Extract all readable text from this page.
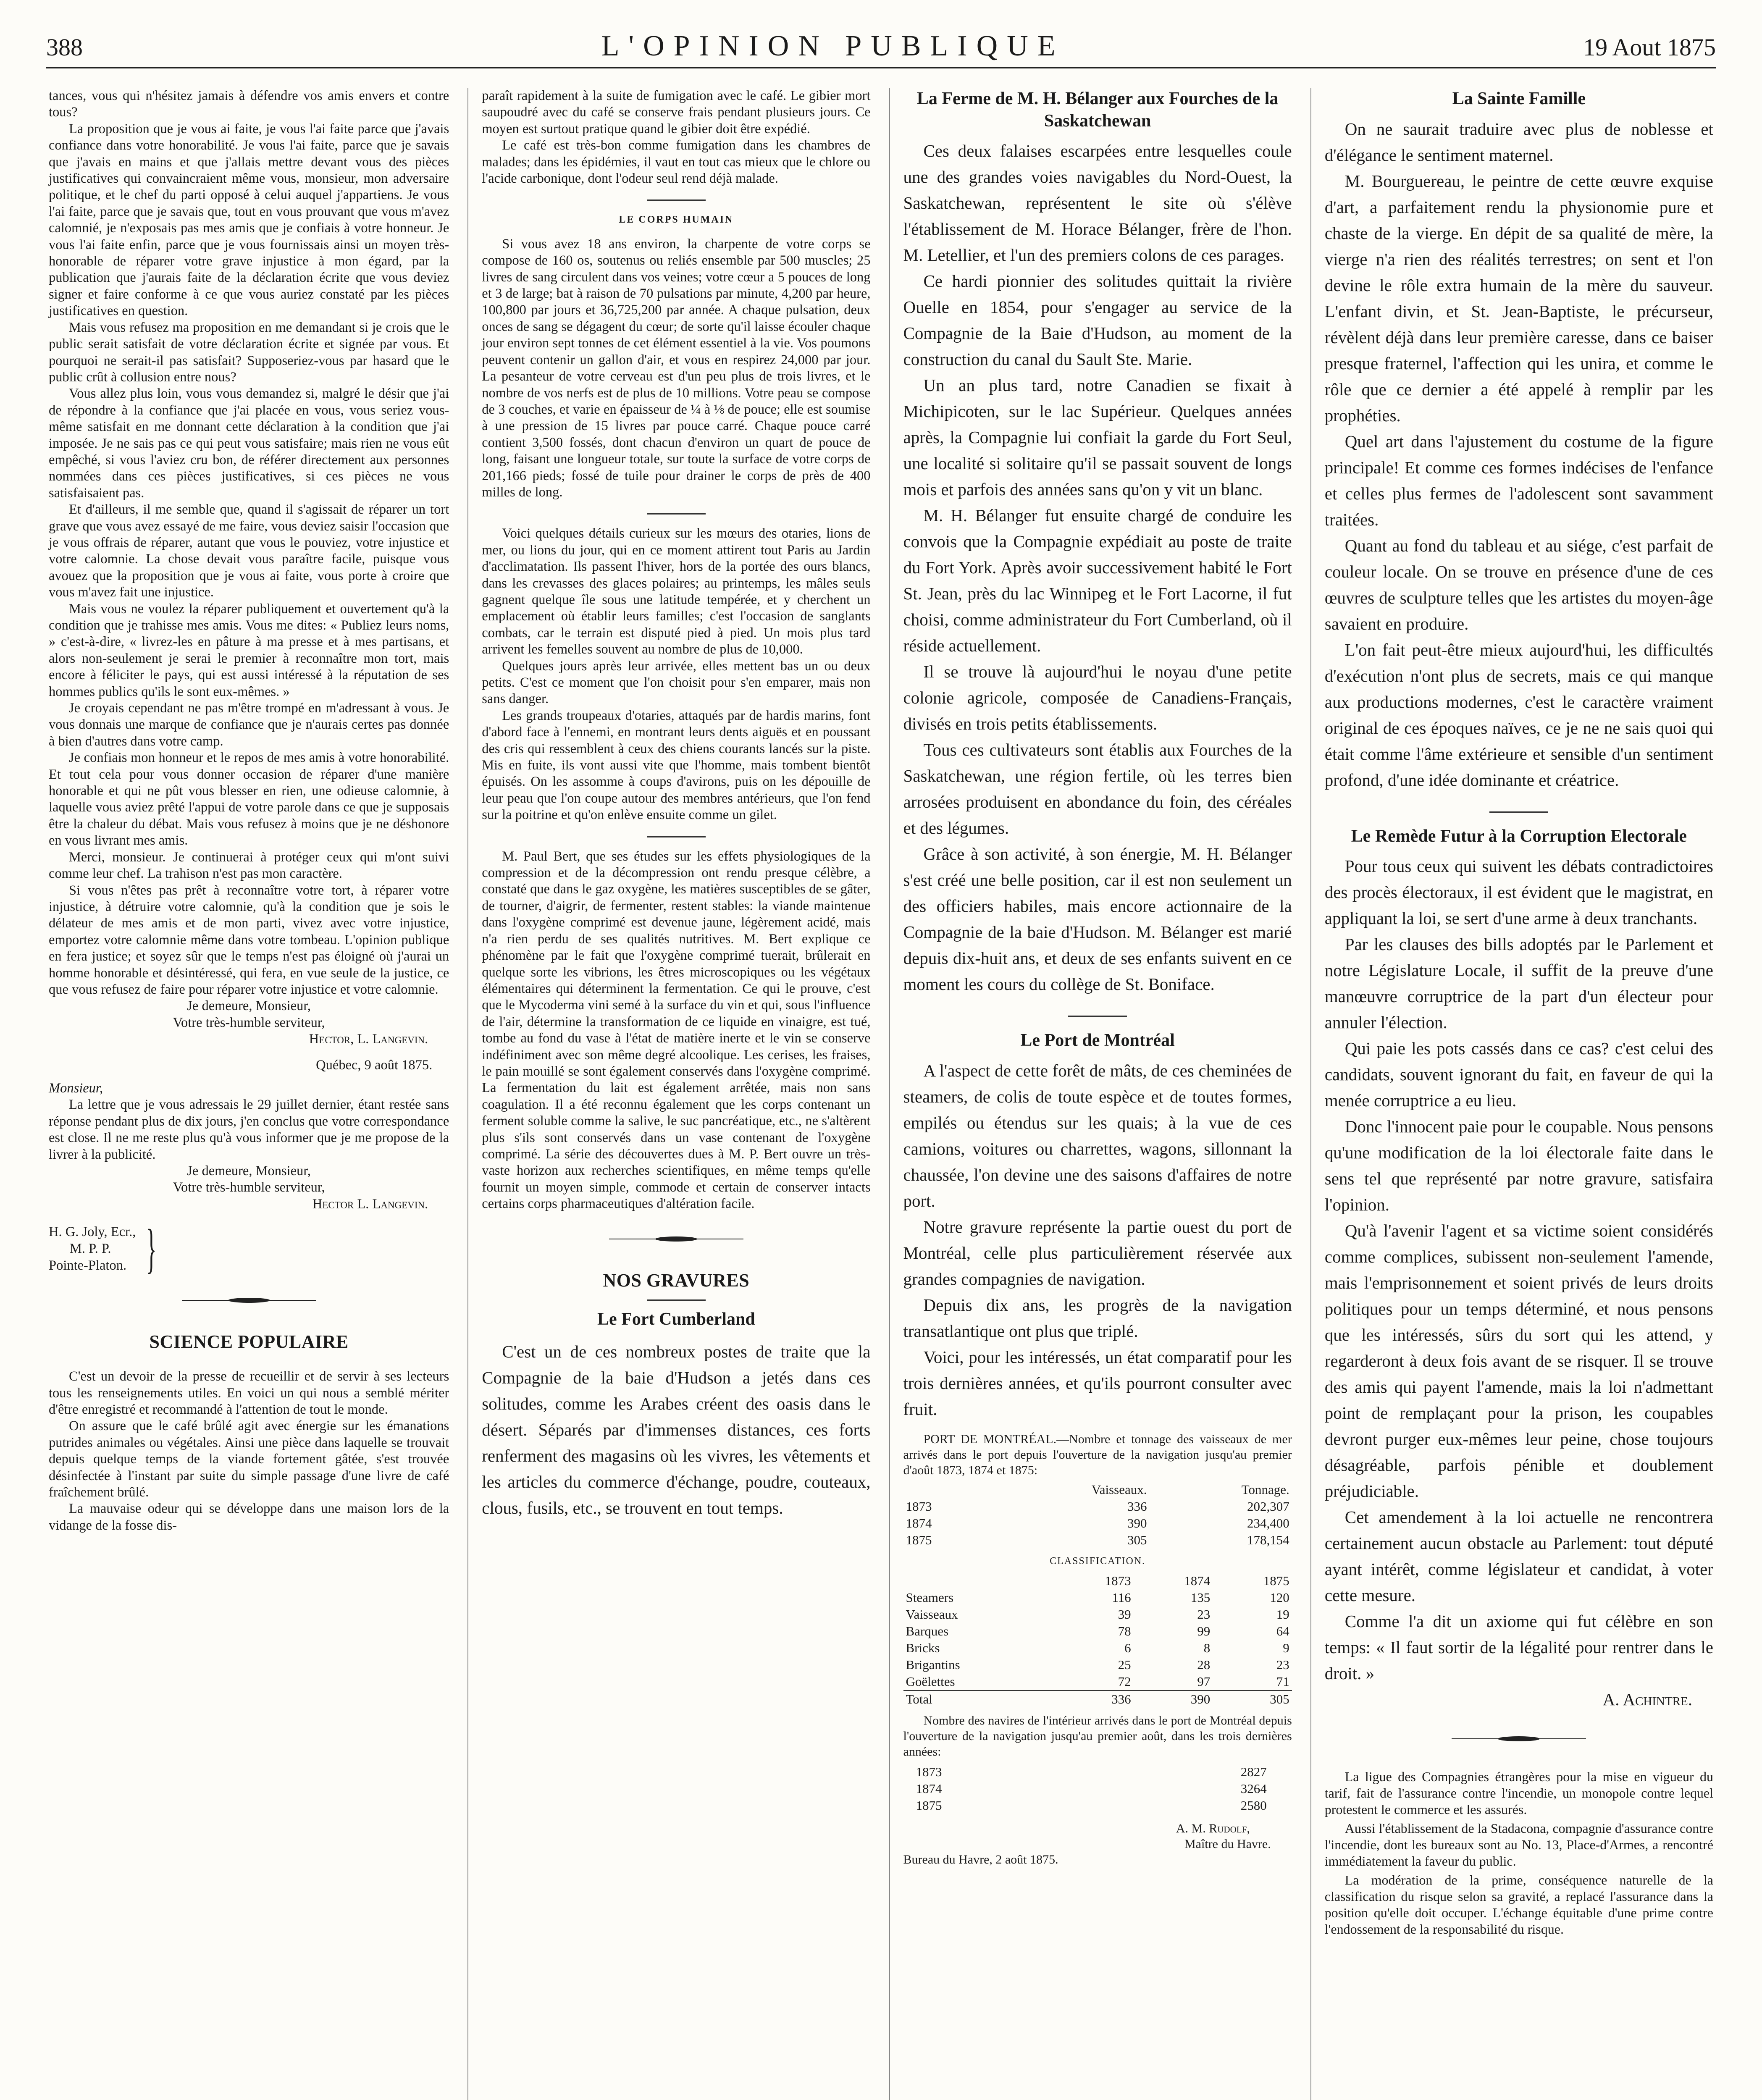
388	L'OPINION PUBLIQUE	19 Aout 1875

tances, vous qui n'hésitez jamais à défendre vos amis envers et contre tous?

La proposition que je vous ai faite, je vous l'ai faite parce que j'avais confiance dans votre honorabilité. Je vous l'ai faite, parce que je savais que j'avais en mains et que j'allais mettre devant vous des pièces justificatives qui convaincraient même vous, monsieur, mon adversaire politique, et le chef du parti opposé à celui auquel j'appartiens. Je vous l'ai faite, parce que je savais que, tout en vous prouvant que vous m'avez calomnié, je n'exposais pas mes amis que je confiais à votre honneur. Je vous l'ai faite enfin, parce que je vous fournissais ainsi un moyen très-honorable de réparer votre grave injustice à mon égard, par la publication que j'aurais faite de la déclaration écrite que vous deviez signer et faire conforme à ce que vous auriez constaté par les pièces justificatives en question.

Mais vous refusez ma proposition en me demandant si je crois que le public serait satisfait de votre déclaration écrite et signée par vous. Et pourquoi ne serait-il pas satisfait? Supposeriez-vous par hasard que le public crût à collusion entre nous?

Vous allez plus loin, vous vous demandez si, malgré le désir que j'ai de répondre à la confiance que j'ai placée en vous, vous seriez vous-même satisfait en me donnant cette déclaration à la condition que j'ai imposée. Je ne sais pas ce qui peut vous satisfaire; mais rien ne vous eût empêché, si vous l'aviez cru bon, de référer directement aux personnes nommées dans ces pièces justificatives, si ces pièces ne vous satisfaisaient pas.

Et d'ailleurs, il me semble que, quand il s'agissait de réparer un tort grave que vous avez essayé de me faire, vous deviez saisir l'occasion que je vous offrais de réparer, autant que vous le pouviez, votre injustice et votre calomnie. La chose devait vous paraître facile, puisque vous avouez que la proposition que je vous ai faite, vous porte à croire que vous m'avez fait une injustice.

Mais vous ne voulez la réparer publiquement et ouvertement qu'à la condition que je trahisse mes amis. Vous me dites: « Publiez leurs noms, » c'est-à-dire, « livrez-les en pâture à ma presse et à mes partisans, et alors non-seulement je serai le premier à reconnaître mon tort, mais encore à féliciter le pays, qui est aussi intéressé à la réputation de ses hommes publics qu'ils le sont eux-mêmes. »

Je croyais cependant ne pas m'être trompé en m'adressant à vous. Je vous donnais une marque de confiance que je n'aurais certes pas donnée à bien d'autres dans votre camp.

Je confiais mon honneur et le repos de mes amis à votre honorabilité. Et tout cela pour vous donner occasion de réparer d'une manière honorable et qui ne pût vous blesser en rien, une odieuse calomnie, à laquelle vous aviez prêté l'appui de votre parole dans ce que je supposais être la chaleur du débat. Mais vous refusez à moins que je ne déshonore en vous livrant mes amis.

Merci, monsieur. Je continuerai à protéger ceux qui m'ont suivi comme leur chef. La trahison n'est pas mon caractère.

Si vous n'êtes pas prêt à reconnaître votre tort, à réparer votre injustice, à détruire votre calomnie, qu'à la condition que je sois le délateur de mes amis et de mon parti, vivez avec votre injustice, emportez votre calomnie même dans votre tombeau. L'opinion publique en fera justice; et soyez sûr que le temps n'est pas éloigné où j'aurai un homme honorable et désintéressé, qui fera, en vue seule de la justice, ce que vous refusez de faire pour réparer votre injustice et votre calomnie.

Je demeure, Monsieur,
Votre très-humble serviteur,
Hector, L. Langevin.
Québec, 9 août 1875.
Monsieur,

La lettre que je vous adressais le 29 juillet dernier, étant restée sans réponse pendant plus de dix jours, j'en conclus que votre correspondance est close. Il ne me reste plus qu'à vous informer que je me propose de la livrer à la publicité.

Je demeure, Monsieur,
Votre très-humble serviteur,
Hector L. Langevin.
H. G. Joly, Ecr.,
M. P. P.
Pointe-Platon. }
SCIENCE POPULAIRE

C'est un devoir de la presse de recueillir et de servir à ses lecteurs tous les renseignements utiles. En voici un qui nous a semblé mériter d'être enregistré et recommandé à l'attention de tout le monde.

On assure que le café brûlé agit avec énergie sur les émanations putrides animales ou végétales. Ainsi une pièce dans laquelle se trouvait depuis quelque temps de la viande fortement gâtée, s'est trouvée désinfectée à l'instant par suite du simple passage d'une livre de café fraîchement brûlé.

La mauvaise odeur qui se développe dans une maison lors de la vidange de la fosse dis-

paraît rapidement à la suite de fumigation avec le café. Le gibier mort saupoudré avec du café se conserve frais pendant plusieurs jours. Ce moyen est surtout pratique quand le gibier doit être expédié.

Le café est très-bon comme fumigation dans les chambres de malades; dans les épidémies, il vaut en tout cas mieux que le chlore ou l'acide carbonique, dont l'odeur seul rend déjà malade.

LE CORPS HUMAIN

Si vous avez 18 ans environ, la charpente de votre corps se compose de 160 os, soutenus ou reliés ensemble par 500 muscles; 25 livres de sang circulent dans vos veines; votre cœur a 5 pouces de long et 3 de large; bat à raison de 70 pulsations par minute, 4,200 par heure, 100,800 par jours et 36,725,200 par année. A chaque pulsation, deux onces de sang se dégagent du cœur; de sorte qu'il laisse écouler chaque jour environ sept tonnes de cet élément essentiel à la vie. Vos poumons peuvent contenir un gallon d'air, et vous en respirez 24,000 par jour. La pesanteur de votre cerveau est d'un peu plus de trois livres, et le nombre de vos nerfs est de plus de 10 millions. Votre peau se compose de 3 couches, et varie en épaisseur de ¼ à ⅛ de pouce; elle est soumise à une pression de 15 livres par pouce carré. Chaque pouce carré contient 3,500 fossés, dont chacun d'environ un quart de pouce de long, faisant une longueur totale, sur toute la surface de votre corps de 201,166 pieds; fossé de tuile pour drainer le corps de près de 400 milles de long.

Voici quelques détails curieux sur les mœurs des otaries, lions de mer, ou lions du jour, qui en ce moment attirent tout Paris au Jardin d'acclimatation. Ils passent l'hiver, hors de la portée des ours blancs, dans les crevasses des glaces polaires; au printemps, les mâles seuls gagnent quelque île sous une latitude tempérée, et y cherchent un emplacement où établir leurs familles; c'est l'occasion de sanglants combats, car le terrain est disputé pied à pied. Un mois plus tard arrivent les femelles souvent au nombre de plus de 10,000.

Quelques jours après leur arrivée, elles mettent bas un ou deux petits. C'est ce moment que l'on choisit pour s'en emparer, mais non sans danger.

Les grands troupeaux d'otaries, attaqués par de hardis marins, font d'abord face à l'ennemi, en montrant leurs dents aiguës et en poussant des cris qui ressemblent à ceux des chiens courants lancés sur la piste. Mis en fuite, ils vont aussi vite que l'homme, mais tombent bientôt épuisés. On les assomme à coups d'avirons, puis on les dépouille de leur peau que l'on coupe autour des membres antérieurs, que l'on fend sur la poitrine et qu'on enlève ensuite comme un gilet.

M. Paul Bert, que ses études sur les effets physiologiques de la compression et de la décompression ont rendu presque célèbre, a constaté que dans le gaz oxygène, les matières susceptibles de se gâter, de tourner, d'aigrir, de fermenter, restent stables: la viande maintenue dans l'oxygène comprimé est devenue jaune, légèrement acidé, mais n'a rien perdu de ses qualités nutritives. M. Bert explique ce phénomène par le fait que l'oxygène comprimé tuerait, brûlerait en quelque sorte les vibrions, les êtres microscopiques ou les végétaux élémentaires qui déterminent la fermentation. Ce qui le prouve, c'est que le Mycoderma vini semé à la surface du vin et qui, sous l'influence de l'air, détermine la transformation de ce liquide en vinaigre, est tué, tombe au fond du vase à l'état de matière inerte et le vin se conserve indéfiniment avec son même degré alcoolique. Les cerises, les fraises, le pain mouillé se sont également conservés dans l'oxygène comprimé. La fermentation du lait est également arrêtée, mais non sans coagulation. Il a été reconnu également que les corps contenant un ferment soluble comme la salive, le suc pancréatique, etc., ne s'altèrent plus s'ils sont conservés dans un vase contenant de l'oxygène comprimé. La série des découvertes dues à M. P. Bert ouvre un très-vaste horizon aux recherches scientifiques, en même temps qu'elle fournit un moyen simple, commode et certain de conserver intacts certains corps pharmaceutiques d'altération facile.

NOS GRAVURES
Le Fort Cumberland

C'est un de ces nombreux postes de traite que la Compagnie de la baie d'Hudson a jetés dans ces solitudes, comme les Arabes créent des oasis dans le désert. Séparés par d'immenses distances, ces forts renferment des magasins où les vivres, les vêtements et les articles du commerce d'échange, poudre, couteaux, clous, fusils, etc., se trouvent en tout temps.

La Ferme de M. H. Bélanger aux Fourches de la Saskatchewan

Ces deux falaises escarpées entre lesquelles coule une des grandes voies navigables du Nord-Ouest, la Saskatchewan, représentent le site où s'élève l'établissement de M. Horace Bélanger, frère de l'hon. M. Letellier, et l'un des premiers colons de ces parages.

Ce hardi pionnier des solitudes quittait la rivière Ouelle en 1854, pour s'engager au service de la Compagnie de la Baie d'Hudson, au moment de la construction du canal du Sault Ste. Marie.

Un an plus tard, notre Canadien se fixait à Michipicoten, sur le lac Supérieur. Quelques années après, la Compagnie lui confiait la garde du Fort Seul, une localité si solitaire qu'il se passait souvent de longs mois et parfois des années sans qu'on y vit un blanc.

M. H. Bélanger fut ensuite chargé de conduire les convois que la Compagnie expédiait au poste de traite du Fort York. Après avoir successivement habité le Fort St. Jean, près du lac Winnipeg et le Fort Lacorne, il fut choisi, comme administrateur du Fort Cumberland, où il réside actuellement.

Il se trouve là aujourd'hui le noyau d'une petite colonie agricole, composée de Canadiens-Français, divisés en trois petits établissements.

Tous ces cultivateurs sont établis aux Fourches de la Saskatchewan, une région fertile, où les terres bien arrosées produisent en abondance du foin, des céréales et des légumes.

Grâce à son activité, à son énergie, M. H. Bélanger s'est créé une belle position, car il est non seulement un des officiers habiles, mais encore actionnaire de la Compagnie de la baie d'Hudson. M. Bélanger est marié depuis dix-huit ans, et deux de ses enfants suivent en ce moment les cours du collège de St. Boniface.

Le Port de Montréal

A l'aspect de cette forêt de mâts, de ces cheminées de steamers, de colis de toute espèce et de toutes formes, empilés ou étendus sur les quais; à la vue de ces camions, voitures ou charrettes, wagons, sillonnant la chaussée, l'on devine une des saisons d'affaires de notre port.

Notre gravure représente la partie ouest du port de Montréal, celle plus particulièrement réservée aux grandes compagnies de navigation.

Depuis dix ans, les progrès de la navigation transatlantique ont plus que triplé.

Voici, pour les intéressés, un état comparatif pour les trois dernières années, et qu'ils pourront consulter avec fruit.

PORT DE MONTRÉAL.—Nombre et tonnage des vaisseaux de mer arrivés dans le port depuis l'ouverture de la navigation jusqu'au premier d'août 1873, 1874 et 1875:

	Vaisseaux.	Tonnage.
1873	336	202,307
1874	390	234,400
1875	305	178,154
CLASSIFICATION.
	1873	1874	1875
Steamers	116	135	120
Vaisseaux	39	23	19
Barques	78	99	64
Bricks	6	8	9
Brigantins	25	28	23
Goëlettes	72	97	71
Total	336	390	305

Nombre des navires de l'intérieur arrivés dans le port de Montréal depuis l'ouverture de la navigation jusqu'au premier août, dans les trois dernières années:

1873	2827
1874	3264
1875	2580
A. M. Rudolf,
Maître du Havre.
Bureau du Havre, 2 août 1875.
La Sainte Famille

On ne saurait traduire avec plus de noblesse et d'élégance le sentiment maternel.

M. Bourguereau, le peintre de cette œuvre exquise d'art, a parfaitement rendu la physionomie pure et chaste de la vierge. En dépit de sa qualité de mère, la vierge n'a rien des réalités terrestres; on sent et l'on devine le rôle extra humain de la mère du sauveur. L'enfant divin, et St. Jean-Baptiste, le précurseur, révèlent déjà dans leur première caresse, dans ce baiser presque fraternel, l'affection qui les unira, et comme le rôle que ce dernier a été appelé à remplir par les prophéties.

Quel art dans l'ajustement du costume de la figure principale! Et comme ces formes indécises de l'enfance et celles plus fermes de l'adolescent sont savamment traitées.

Quant au fond du tableau et au siége, c'est parfait de couleur locale. On se trouve en présence d'une de ces œuvres de sculpture telles que les artistes du moyen-âge savaient en produire.

L'on fait peut-être mieux aujourd'hui, les difficultés d'exécution n'ont plus de secrets, mais ce qui manque aux productions modernes, c'est le caractère vraiment original de ces époques naïves, ce je ne ne sais quoi qui était comme l'âme extérieure et sensible d'un sentiment profond, d'une idée dominante et créatrice.

Le Remède Futur à la Corruption Electorale

Pour tous ceux qui suivent les débats contradictoires des procès électoraux, il est évident que le magistrat, en appliquant la loi, se sert d'une arme à deux tranchants.

Par les clauses des bills adoptés par le Parlement et notre Législature Locale, il suffit de la preuve d'une manœuvre corruptrice de la part d'un électeur pour annuler l'élection.

Qui paie les pots cassés dans ce cas? c'est celui des candidats, souvent ignorant du fait, en faveur de qui la menée corruptrice a eu lieu.

Donc l'innocent paie pour le coupable. Nous pensons qu'une modification de la loi électorale faite dans le sens tel que représenté par notre gravure, satisfaira l'opinion.

Qu'à l'avenir l'agent et sa victime soient considérés comme complices, subissent non-seulement l'amende, mais l'emprisonnement et soient privés de leurs droits politiques pour un temps déterminé, et nous pensons que les intéressés, sûrs du sort qui les attend, y regarderont à deux fois avant de se risquer. Il se trouve des amis qui payent l'amende, mais la loi n'admettant point de remplaçant pour la prison, les coupables devront purger eux-mêmes leur peine, chose toujours désagréable, parfois pénible et doublement préjudiciable.

Cet amendement à la loi actuelle ne rencontrera certainement aucun obstacle au Parlement: tout député ayant intérêt, comme législateur et candidat, à voter cette mesure.

Comme l'a dit un axiome qui fut célèbre en son temps: « Il faut sortir de la légalité pour rentrer dans le droit. »

A. Achintre.

La ligue des Compagnies étrangères pour la mise en vigueur du tarif, fait de l'assurance contre l'incendie, un monopole contre lequel protestent le commerce et les assurés.

Aussi l'établissement de la Stadacona, compagnie d'assurance contre l'incendie, dont les bureaux sont au No. 13, Place-d'Armes, a rencontré immédiatement la faveur du public.

La modération de la prime, conséquence naturelle de la classification du risque selon sa gravité, a replacé l'assurance dans la position qu'elle doit occuper. L'échange équitable d'une prime contre l'endossement de la responsabilité du risque.
